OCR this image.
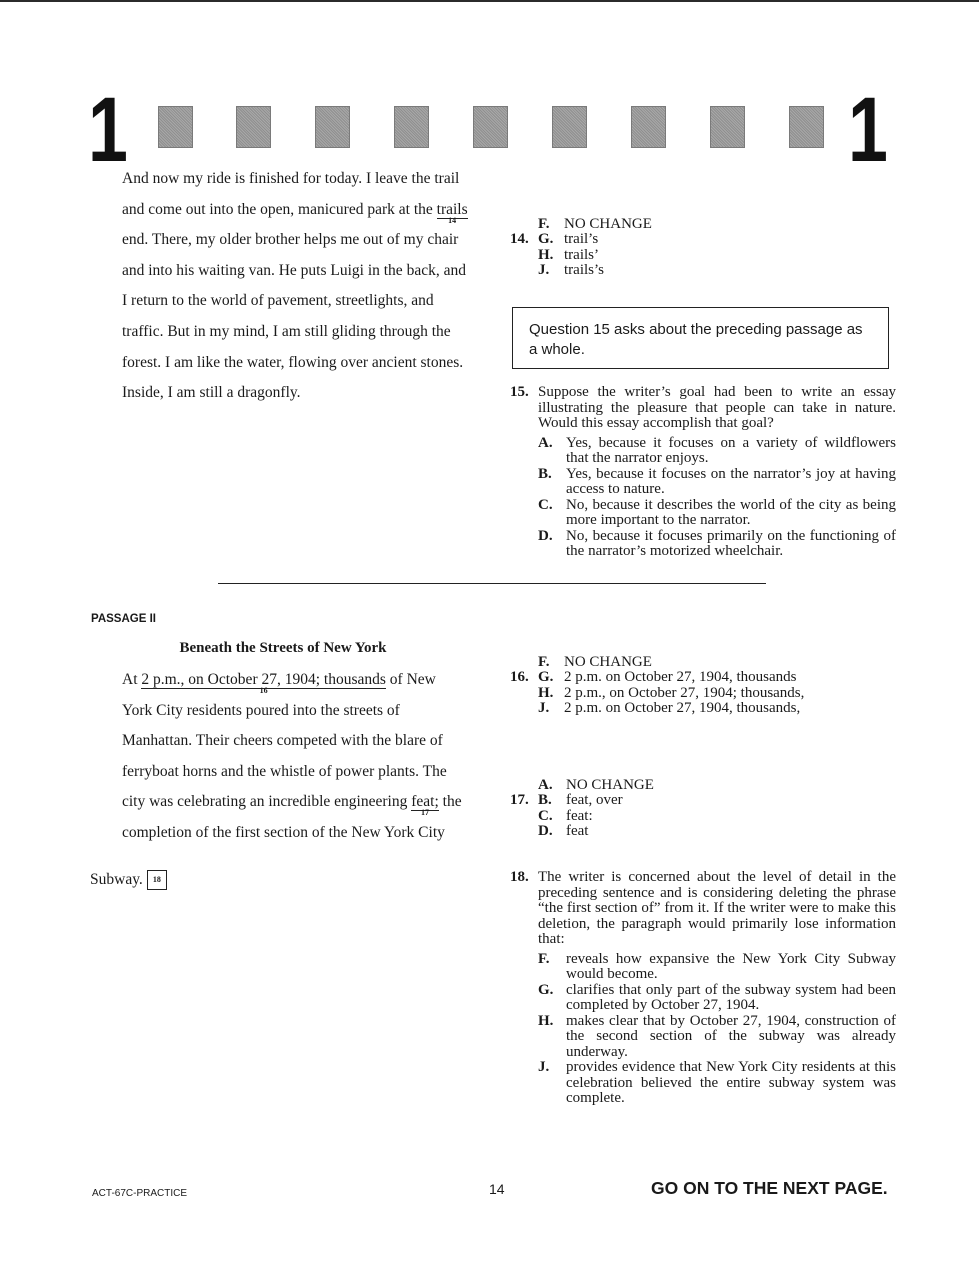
1	1

And now my ride is finished for today. I leave the trail and come out into the open, manicured park at the trails
14
end. There, my older brother helps me out of my chair and into his waiting van. He puts Luigi in the back, and I return to the world of pavement, streetlights, and traffic. But in my mind, I am still gliding through the forest. I am like the water, flowing over ancient stones. Inside, I am still a dragonfly.

14.
F. NO CHANGE
G. trail’s
H. trails’
J. trails’s
Question 15 asks about the preceding passage as a whole.
15. Suppose the writer’s goal had been to write an essay illustrating the pleasure that people can take in nature. Would this essay accomplish that goal?
A. Yes, because it focuses on a variety of wildflowers that the narrator enjoys.
B. Yes, because it focuses on the narrator’s joy at having access to nature.
C. No, because it describes the world of the city as being more important to the narrator.
D. No, because it focuses primarily on the functioning of the narrator’s motorized wheelchair.
PASSAGE II
Beneath the Streets of New York

At 2 p.m., on October 27, 1904; thousands
16
of New York City residents poured into the streets of Manhattan. Their cheers competed with the blare of ferryboat horns and the whistle of power plants. The city was celebrating an incredible engineering feat;
17
the completion of the first section of the New York City

Subway. 18

16.
F. NO CHANGE
G. 2 p.m. on October 27, 1904, thousands
H. 2 p.m., on October 27, 1904; thousands,
J. 2 p.m. on October 27, 1904, thousands,
17.
A. NO CHANGE
B. feat, over
C. feat:
D. feat
18. The writer is concerned about the level of detail in the preceding sentence and is considering deleting the phrase “the first section of” from it. If the writer were to make this deletion, the paragraph would primarily lose information that:
F. reveals how expansive the New York City Subway would become.
G. clarifies that only part of the subway system had been completed by October 27, 1904.
H. makes clear that by October 27, 1904, construction of the second section of the subway was already underway.
J. provides evidence that New York City residents at this celebration believed the entire subway system was complete.
ACT-67C-PRACTICE	14	GO ON TO THE NEXT PAGE.
